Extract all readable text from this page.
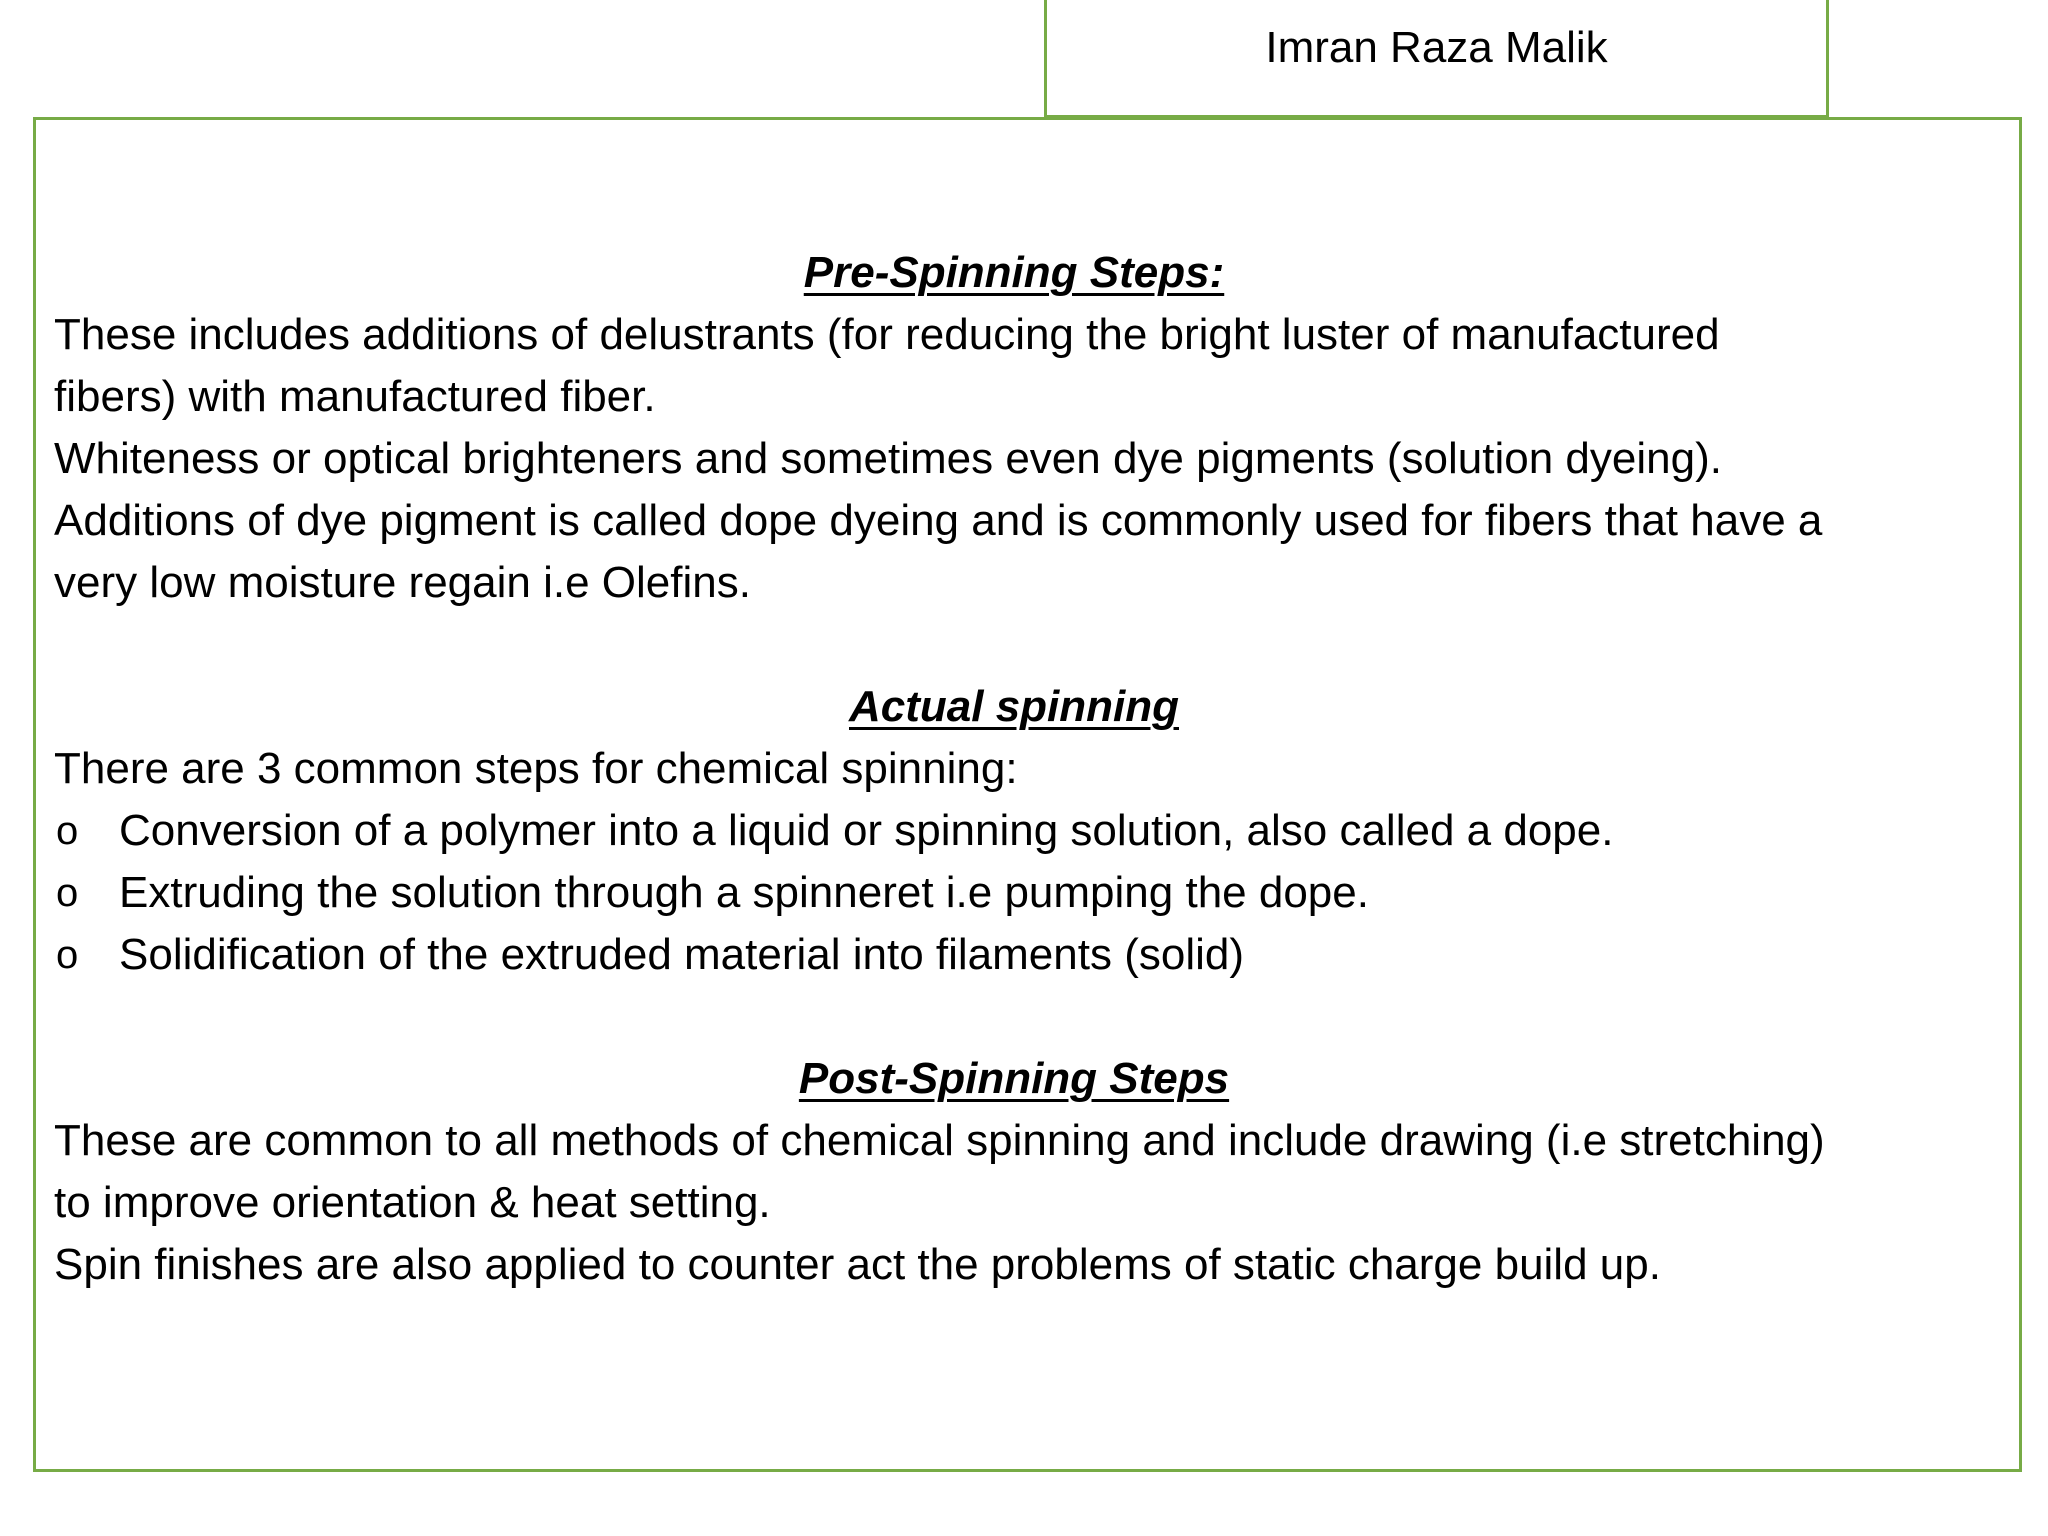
Imran Raza Malik
Pre-Spinning Steps:
These includes additions of delustrants (for reducing the bright luster of manufactured
fibers) with manufactured fiber.
Whiteness or optical brighteners and sometimes even dye pigments (solution dyeing).
Additions of dye pigment is called dope dyeing and is commonly used for fibers that have a
very low moisture regain i.e Olefins.
Actual spinning
There are 3 common steps for chemical spinning:
o Conversion of a polymer into a liquid or spinning solution, also called a dope.
o Extruding the solution through a spinneret i.e pumping the dope.
o Solidification of the extruded material into filaments (solid)
Post-Spinning Steps
These are common to all methods of chemical spinning and include drawing (i.e stretching)
to improve orientation & heat setting.
Spin finishes are also applied to counter act the problems of static charge build up.
